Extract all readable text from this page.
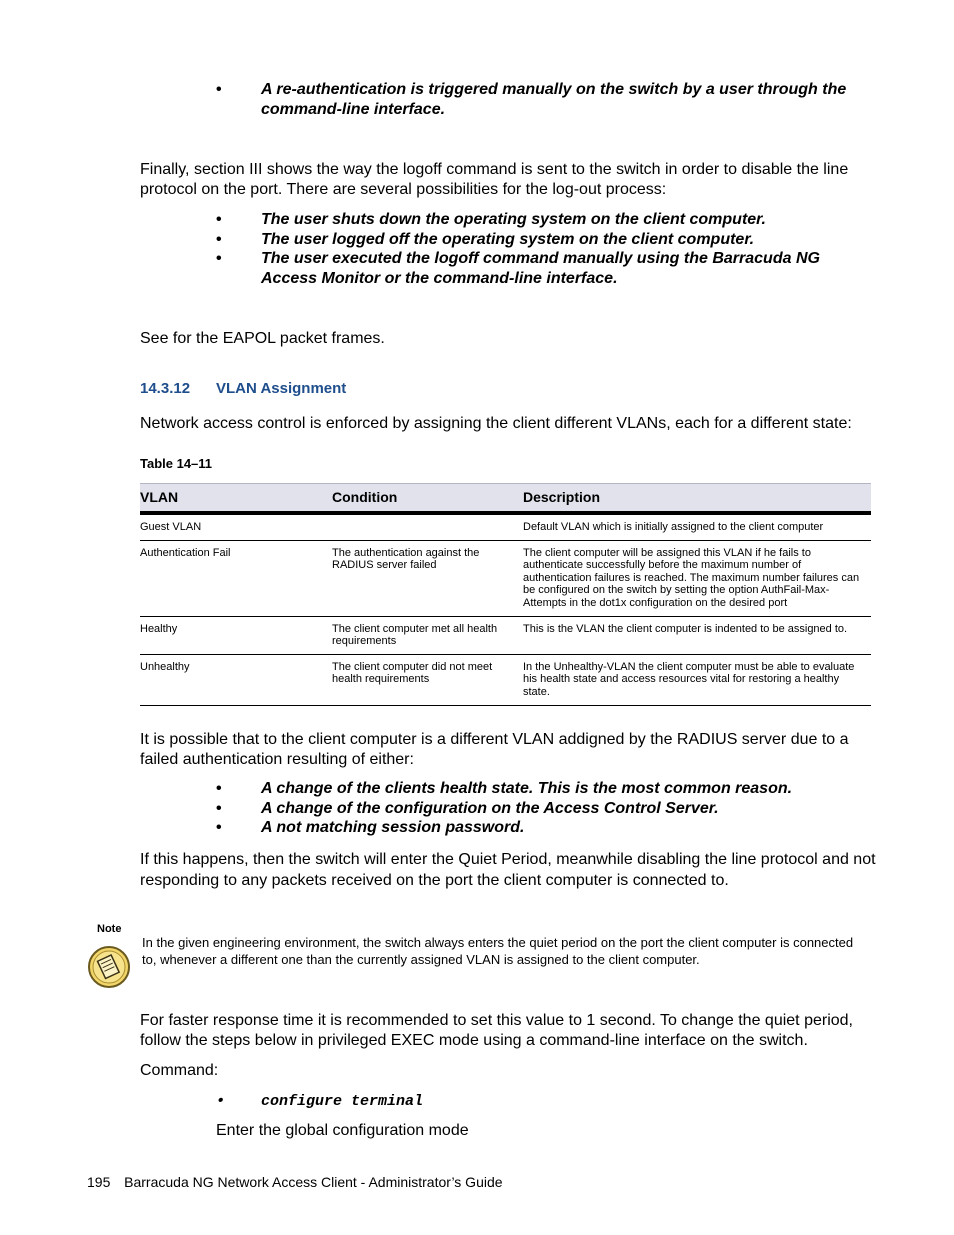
• A re-authentication is triggered manually on the switch by a user through the command-line interface.

Finally, section III shows the way the logoff command is sent to the switch in order to disable the line protocol on the port. There are several possibilities for the log-out process:

• The user shuts down the operating system on the client computer.
• The user logged off the operating system on the client computer.
• The user executed the logoff command manually using the Barracuda NG Access Monitor or the command-line interface.

See for the EAPOL packet frames.

14.3.12 VLAN Assignment

Network access control is enforced by assigning the client different VLANs, each for a different state:

Table 14–11
VLAN	Condition	Description
Guest VLAN		Default VLAN which is initially assigned to the client computer
Authentication Fail	The authentication against the RADIUS server failed	The client computer will be assigned this VLAN if he fails to authenticate successfully before the maximum number of authentication failures is reached. The maximum number failures can be configured on the switch by setting the option AuthFail-Max-Attempts in the dot1x configuration on the desired port
Healthy	The client computer met all health requirements	This is the VLAN the client computer is indented to be assigned to.
Unhealthy	The client computer did not meet health requirements	In the Unhealthy-VLAN the client computer must be able to evaluate his health state and access resources vital for restoring a healthy state.

It is possible that to the client computer is a different VLAN addigned by the RADIUS server due to a failed authentication resulting of either:

• A change of the clients health state. This is the most common reason.
• A change of the configuration on the Access Control Server.
• A not matching session password.

If this happens, then the switch will enter the Quiet Period, meanwhile disabling the line protocol and not responding to any packets received on the port the client computer is connected to.

Note

In the given engineering environment, the switch always enters the quiet period on the port the client computer is connected to, whenever a different one than the currently assigned VLAN is assigned to the client computer.

For faster response time it is recommended to set this value to 1 second. To change the quiet period, follow the steps below in privileged EXEC mode using a command-line interface on the switch.

Command:

• configure terminal

Enter the global configuration mode

195 Barracuda NG Network Access Client - Administrator’s Guide
